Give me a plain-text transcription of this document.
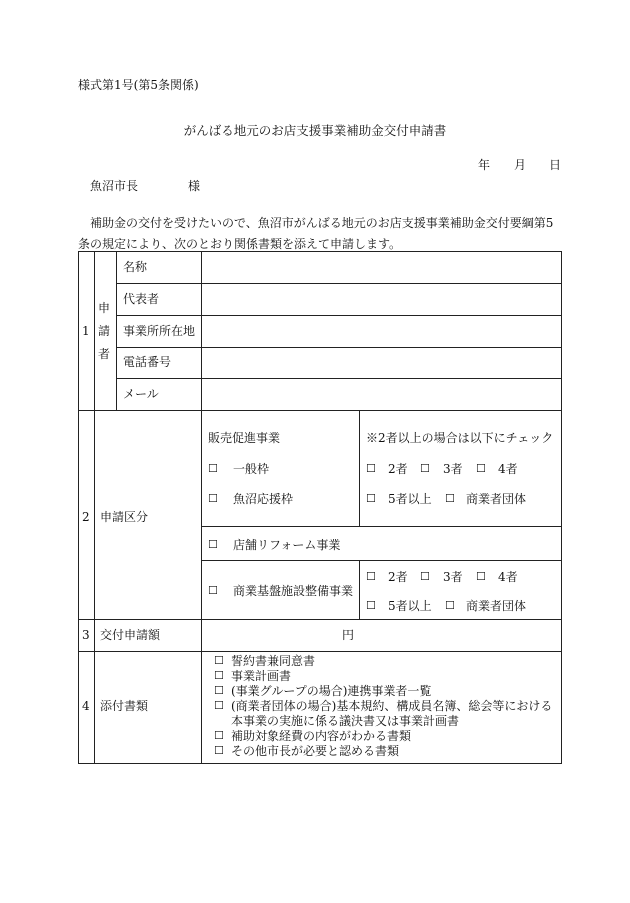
様式第1号(第5条関係)
がんばる地元のお店支援事業補助金交付申請書
年 月 日
魚沼市長	様
補助金の交付を受けたいので、魚沼市がんばる地元のお店支援事業補助金交付要綱第5
条の規定により、次のとおり関係書類を添えて申請します。
1
申
請
者
名称
代表者
事業所所在地
電話番号
メール
2 申請区分
販売促進事業
☐ 一般枠
☐ 魚沼応援枠
※2者以上の場合は以下にチェック
☐ 2者 ☐ 3者 ☐ 4者
☐ 5者以上 ☐ 商業者団体
☐ 店舗リフォーム事業
☐ 商業基盤施設整備事業
☐ 2者 ☐ 3者 ☐ 4者
☐ 5者以上 ☐ 商業者団体
3 交付申請額	円
4 添付書類
☐ 誓約書兼同意書
☐ 事業計画書
☐ (事業グループの場合)連携事業者一覧
☐ (商業者団体の場合)基本規約、構成員名簿、総会等における
本事業の実施に係る議決書又は事業計画書
☐ 補助対象経費の内容がわかる書類
☐ その他市長が必要と認める書類
